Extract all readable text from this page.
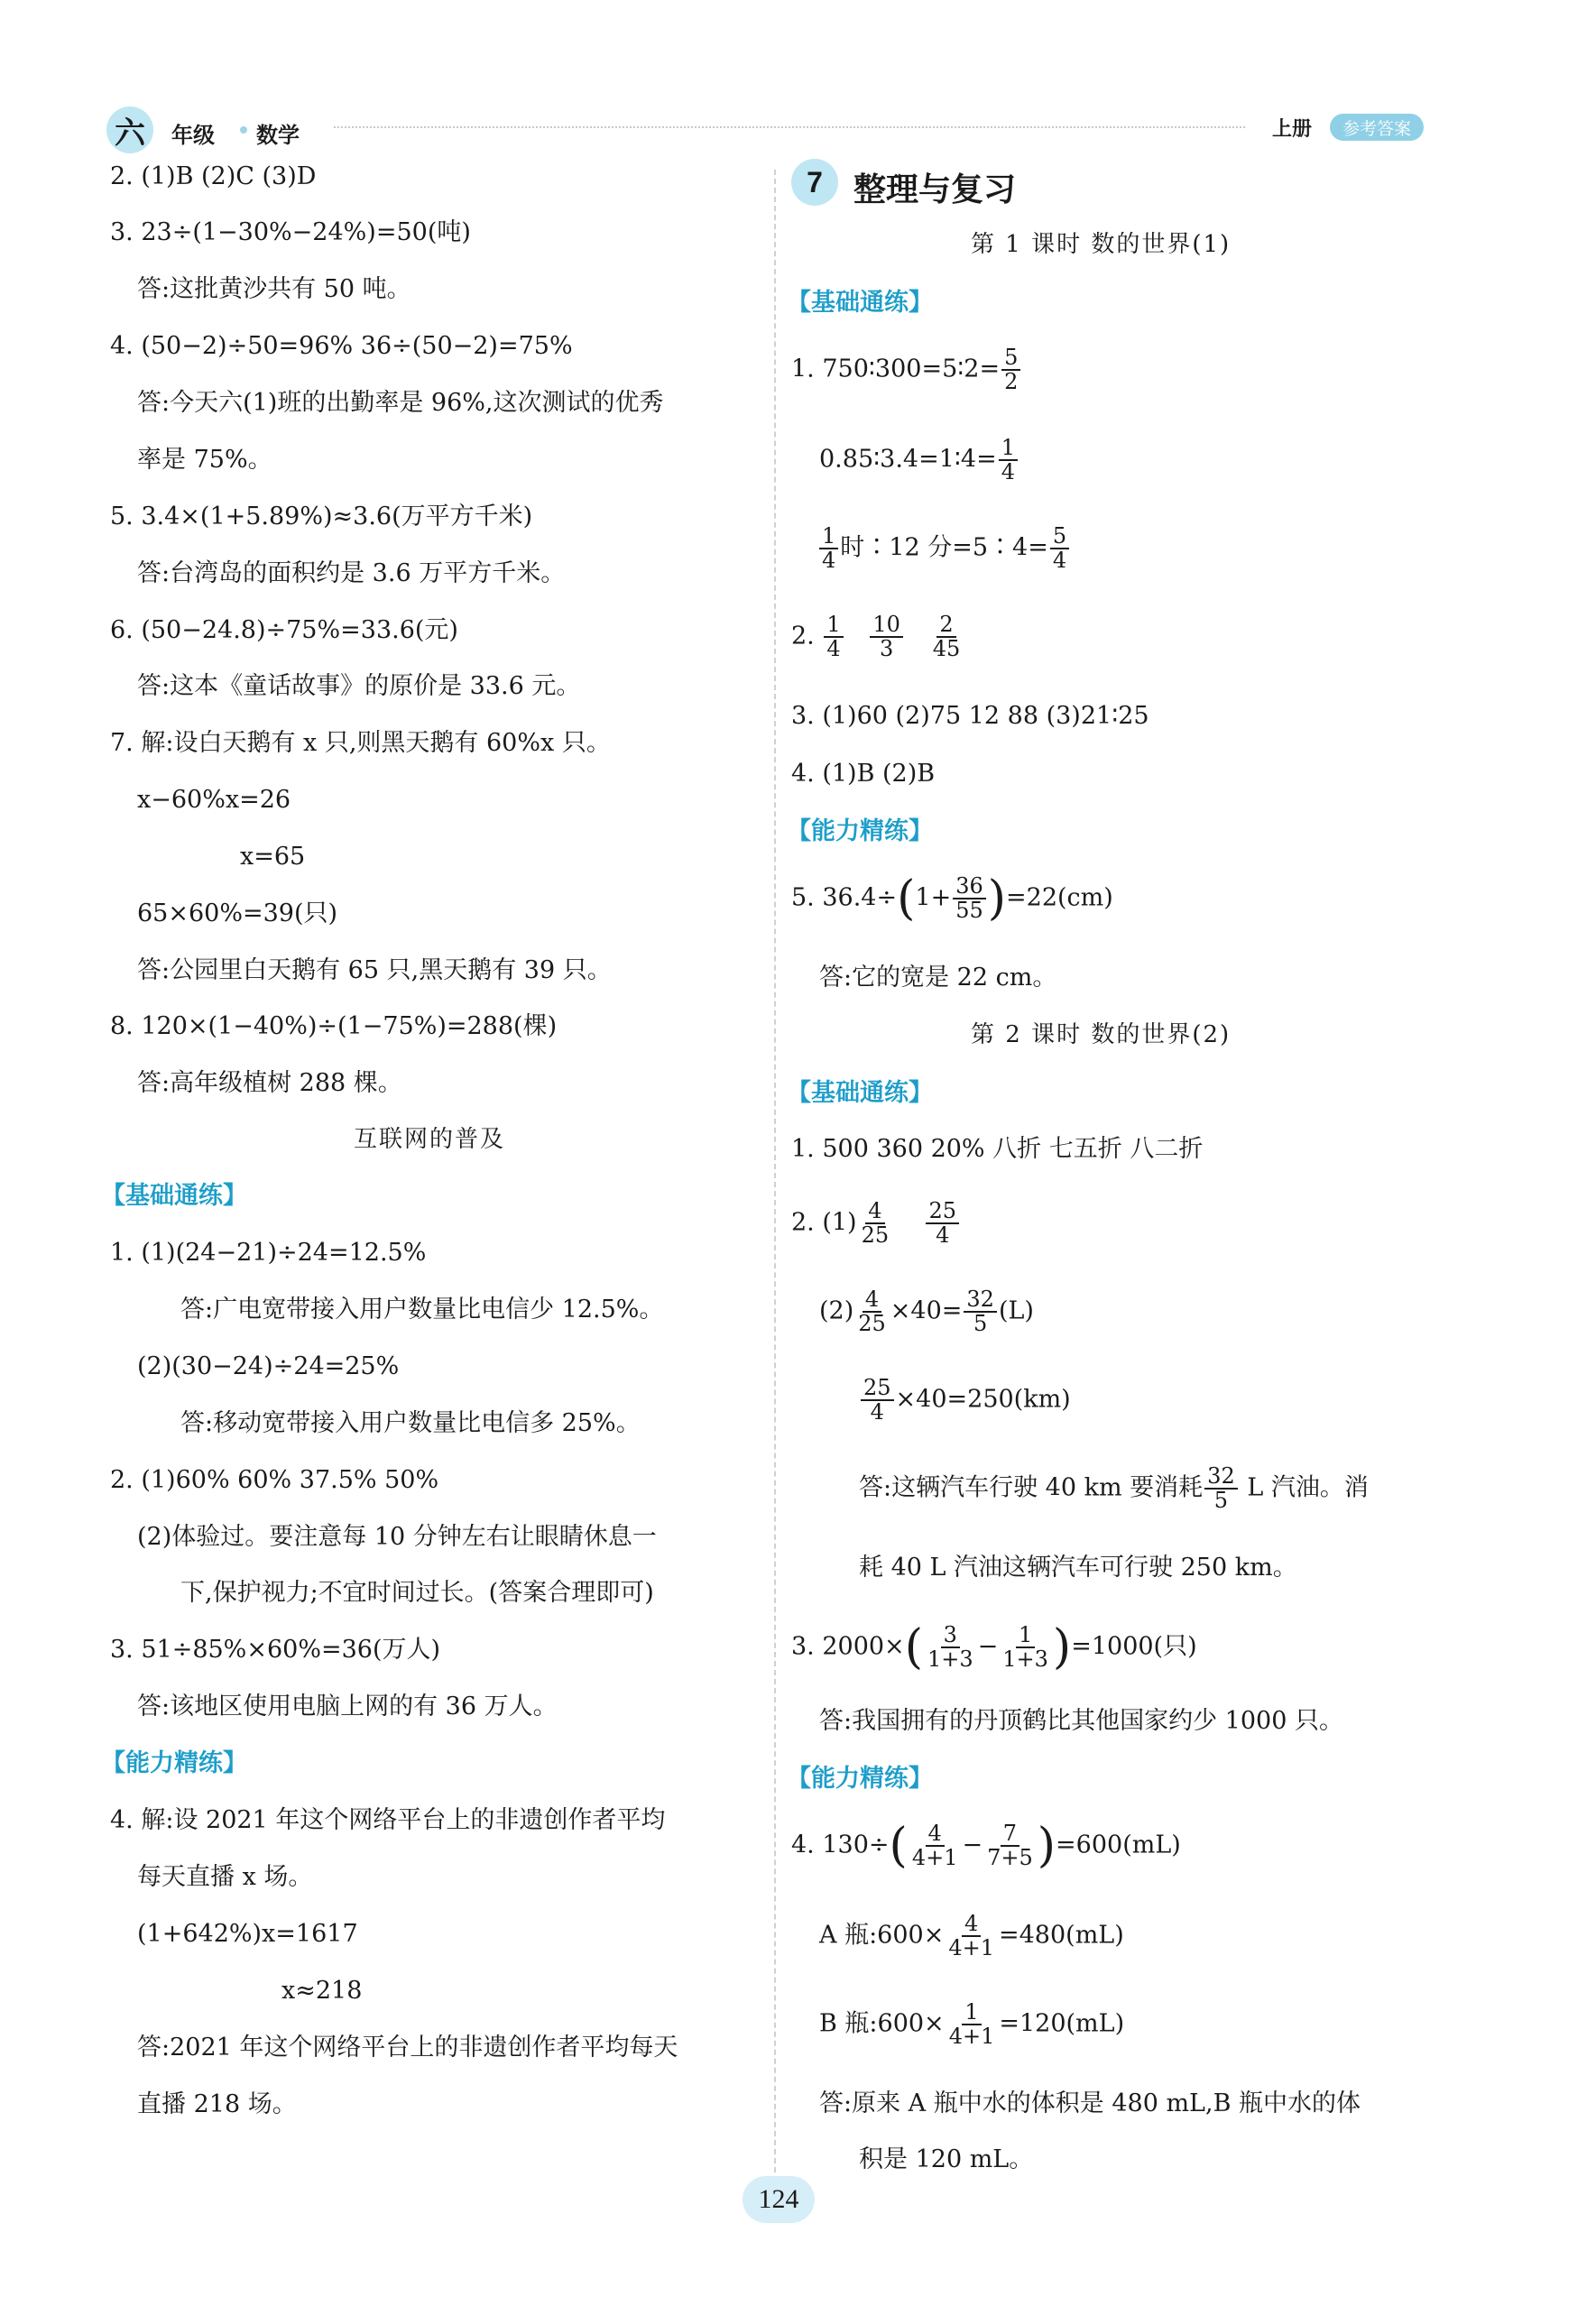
六	年级 数学	上册	参考答案
2. (1)B (2)C (3)D
3. 23÷(1−30%−24%)=50(吨)
答:这批黄沙共有 50 吨。
4. (50−2)÷50=96% 36÷(50−2)=75%
答:今天六(1)班的出勤率是 96%,这次测试的优秀
率是 75%。
5. 3.4×(1+5.89%)≈3.6(万平方千米)
答:台湾岛的面积约是 3.6 万平方千米。
6. (50−24.8)÷75%=33.6(元)
答:这本《童话故事》的原价是 33.6 元。
7. 解:设白天鹅有 x 只,则黑天鹅有 60%x 只。
x−60%x=26
x=65
65×60%=39(只)
答:公园里白天鹅有 65 只,黑天鹅有 39 只。
8. 120×(1−40%)÷(1−75%)=288(棵)
答:高年级植树 288 棵。
互联网的普及
【基础通练】
1. (1)(24−21)÷24=12.5%
答:广电宽带接入用户数量比电信少 12.5%。
(2)(30−24)÷24=25%
答:移动宽带接入用户数量比电信多 25%。
2. (1)60% 60% 37.5% 50%
(2)体验过。要注意每 10 分钟左右让眼睛休息一
下,保护视力;不宜时间过长。(答案合理即可)
3. 51÷85%×60%=36(万人)
答:该地区使用电脑上网的有 36 万人。
【能力精练】
4. 解:设 2021 年这个网络平台上的非遗创作者平均
每天直播 x 场。
(1+642%)x=1617
x≈218
答:2021 年这个网络平台上的非遗创作者平均每天
直播 218 场。
7 整理与复习
第 1 课时 数的世界(1)
【基础通练】
1. 750∶300=5∶2= $\frac{5}{2}$
0.85∶3.4=1∶4= $\frac{1}{4}$
$\frac{1}{4}$ 时∶12 分=5∶4= $\frac{5}{4}$
2. $\frac{1}{4}$
$\frac{10}{3}$
$\frac{2}{45}$
3. (1)60 (2)75 12 88 (3)21∶25
4. (1)B (2)B
【能力精练】
5. $36.4\div(1+ \frac{36}{55} )=22(cm)$
答:它的宽是 22 cm。
第 2 课时 数的世界(2)
【基础通练】
1. 500 360 20% 八折 七五折 八二折
2. $(1) \frac{4}{25}$
$\frac{25}{4}$
$(2) \frac{4}{25} \times 40= \frac{32}{5} (L)$
$\frac{25}{4} \times 40=250(km)$
答:这辆汽车行驶 40 km 要消耗 $\frac{32}{5}$ L 汽油。消
耗 40 L 汽油这辆汽车可行驶 250 km。
3. $2000\times( \frac{3}{1+3} - \frac{1}{1+3} )=1000$(只)
答:我国拥有的丹顶鹤比其他国家约少 1000 只。
【能力精练】
4. $130\div( \frac{4}{4+1} - \frac{7}{7+5} )=600(mL)$
A 瓶:600× $\frac{4}{4+1} =480(mL)$
B 瓶:600× $\frac{1}{4+1} =120(mL)$
答:原来 A 瓶中水的体积是 480 mL,B 瓶中水的体
积是 120 mL。
124
